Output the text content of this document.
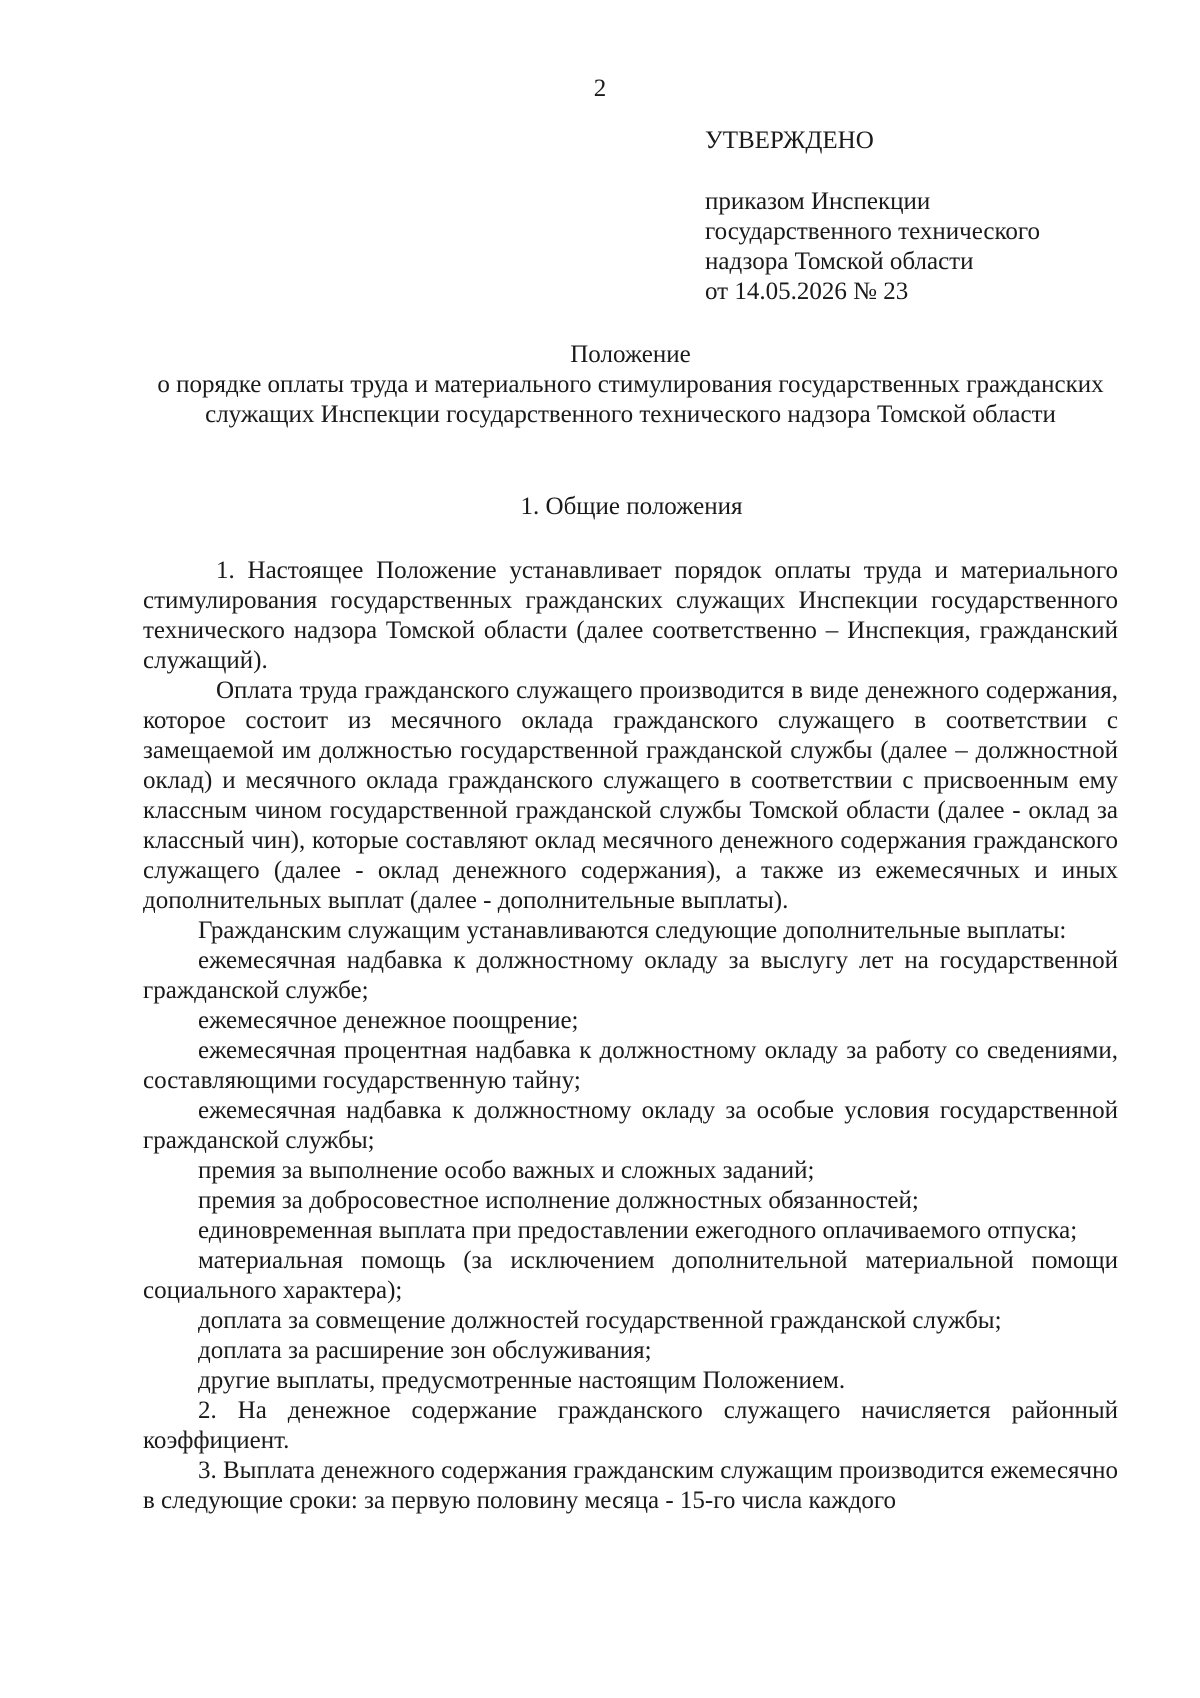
2
УТВЕРЖДЕНО
приказом Инспекции
государственного технического
надзора Томской области
от 14.05.2026 № 23
Положение
о порядке оплаты труда и материального стимулирования государственных гражданских служащих Инспекции государственного технического надзора Томской области
1. Общие положения

1. Настоящее Положение устанавливает порядок оплаты труда и материального стимулирования государственных гражданских служащих Инспекции государственного технического надзора Томской области (далее соответственно – Инспекция, гражданский служащий).

Оплата труда гражданского служащего производится в виде денежного содержания, которое состоит из месячного оклада гражданского служащего в соответствии с замещаемой им должностью государственной гражданской службы (далее – должностной оклад) и месячного оклада гражданского служащего в соответствии с присвоенным ему классным чином государственной гражданской службы Томской области (далее - оклад за классный чин), которые составляют оклад месячного денежного содержания гражданского служащего (далее - оклад денежного содержания), а также из ежемесячных и иных дополнительных выплат (далее - дополнительные выплаты).

Гражданским служащим устанавливаются следующие дополнительные выплаты:

ежемесячная надбавка к должностному окладу за выслугу лет на государственной гражданской службе;

ежемесячное денежное поощрение;

ежемесячная процентная надбавка к должностному окладу за работу со сведениями, составляющими государственную тайну;

ежемесячная надбавка к должностному окладу за особые условия государственной гражданской службы;

премия за выполнение особо важных и сложных заданий;

премия за добросовестное исполнение должностных обязанностей;

единовременная выплата при предоставлении ежегодного оплачиваемого отпуска;

материальная помощь (за исключением дополнительной материальной помощи социального характера);

доплата за совмещение должностей государственной гражданской службы;

доплата за расширение зон обслуживания;

другие выплаты, предусмотренные настоящим Положением.

2. На денежное содержание гражданского служащего начисляется районный коэффициент.

3. Выплата денежного содержания гражданским служащим производится ежемесячно в следующие сроки: за первую половину месяца - 15-го числа каждого
